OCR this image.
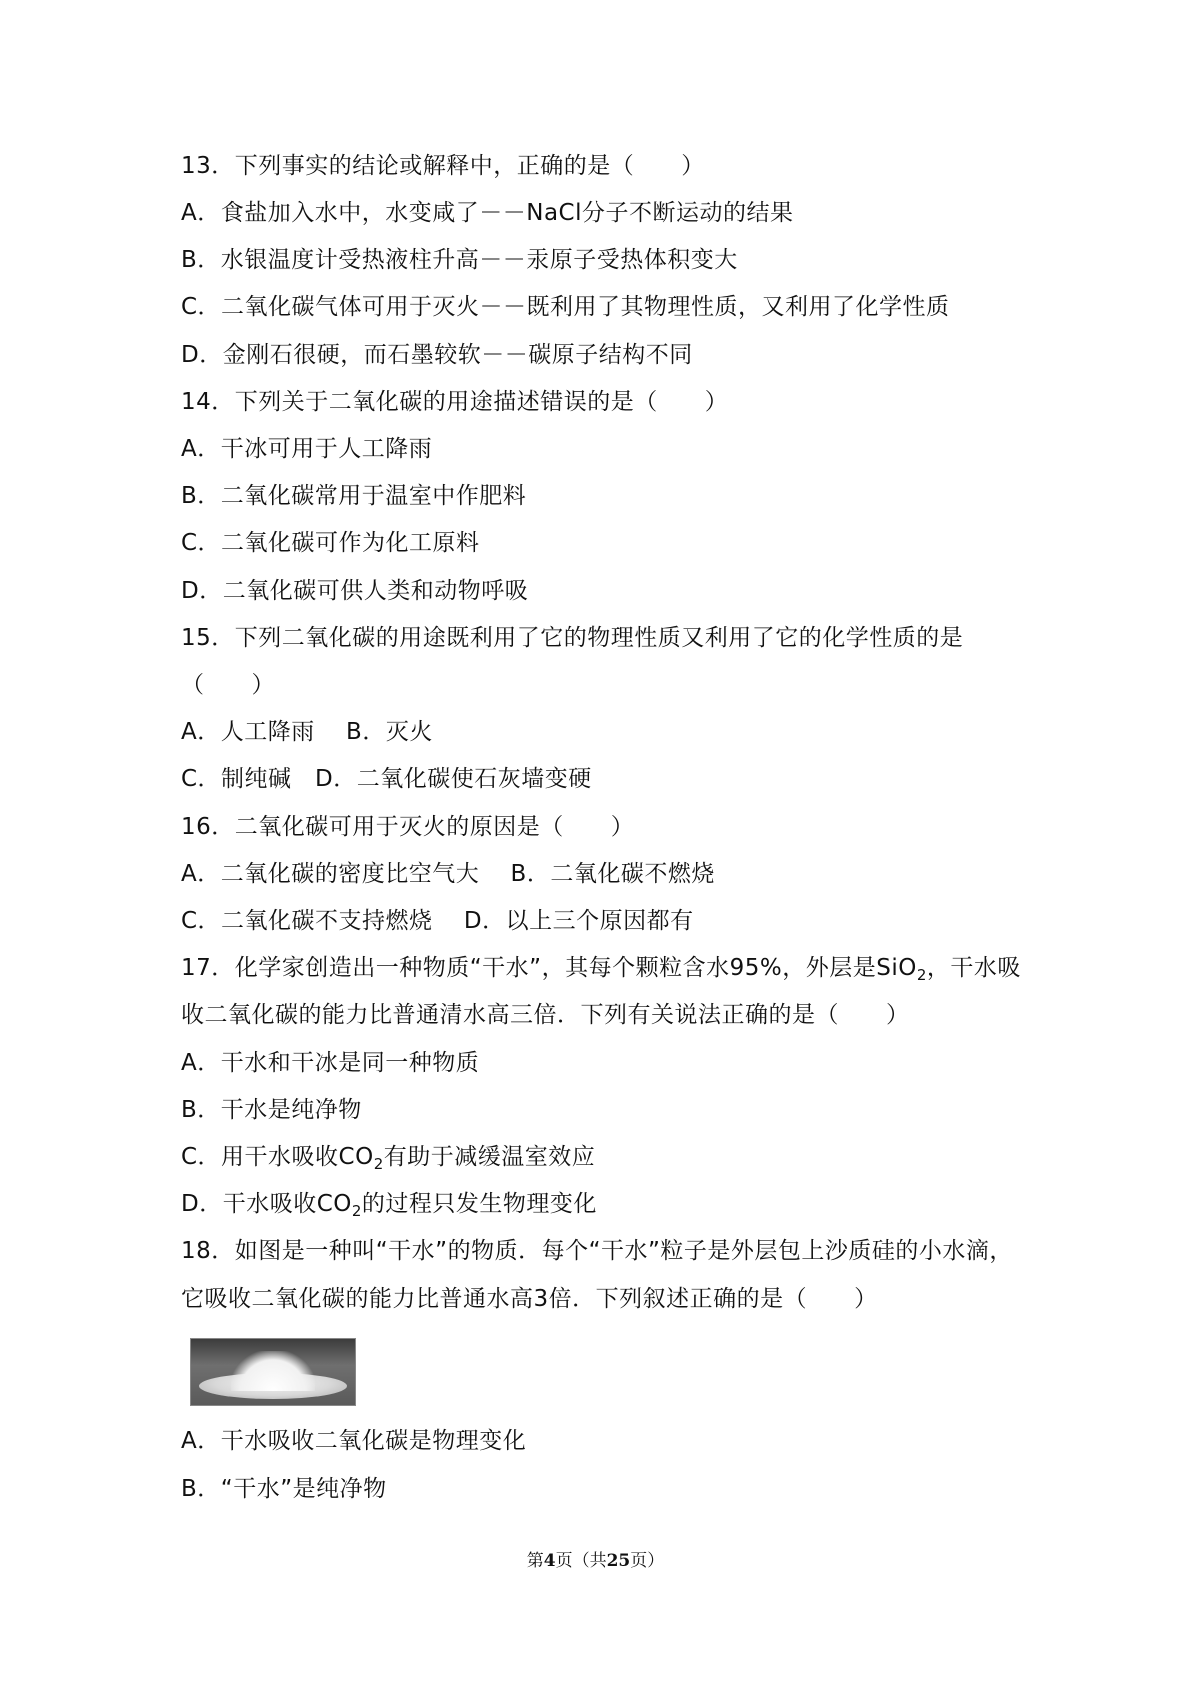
13．下列事实的结论或解释中，正确的是（　　）
A．食盐加入水中，水变咸了－－NaCl分子不断运动的结果
B．水银温度计受热液柱升高－－汞原子受热体积变大
C．二氧化碳气体可用于灭火－－既利用了其物理性质，又利用了化学性质
D．金刚石很硬，而石墨较软－－碳原子结构不同
14．下列关于二氧化碳的用途描述错误的是（　　）
A．干冰可用于人工降雨
B．二氧化碳常用于温室中作肥料
C．二氧化碳可作为化工原料
D．二氧化碳可供人类和动物呼吸
15．下列二氧化碳的用途既利用了它的物理性质又利用了它的化学性质的是
（　　）
A．人工降雨　 B．灭火
C．制纯碱　D．二氧化碳使石灰墙变硬
16．二氧化碳可用于灭火的原因是（　　）
A．二氧化碳的密度比空气大　 B．二氧化碳不燃烧
C．二氧化碳不支持燃烧　 D．以上三个原因都有
17．化学家创造出一种物质“干水”，其每个颗粒含水95%，外层是SiO$_2$，干水吸
收二氧化碳的能力比普通清水高三倍．下列有关说法正确的是（　　）
A．干水和干冰是同一种物质
B．干水是纯净物
C．用干水吸收$CO_2$有助于减缓温室效应
D．干水吸收$CO_2$的过程只发生物理变化
18．如图是一种叫“干水”的物质．每个“干水”粒子是外层包上沙质硅的小水滴，
它吸收二氧化碳的能力比普通水高3倍．下列叙述正确的是（　　）
A．干水吸收二氧化碳是物理变化
B．“干水”是纯净物
第4页（共25页）
